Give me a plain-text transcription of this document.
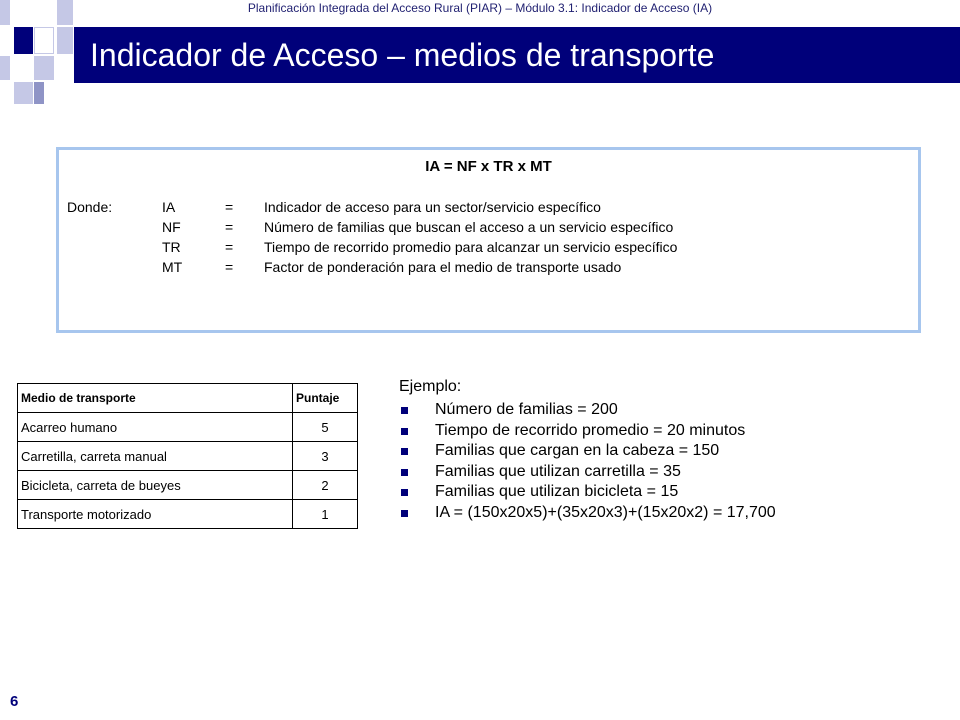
Planificación Integrada del Acceso Rural (PIAR) – Módulo 3.1: Indicador de Acceso (IA)
Indicador de Acceso – medios de transporte
IA = NF x TR x MT
Donde:	IA	= Indicador de acceso para un sector/servicio específico
NF	= Número de familias que buscan el acceso a un servicio específico
TR	= Tiempo de recorrido promedio para alcanzar un servicio específico
MT	= Factor de ponderación para el medio de transporte usado
Medio de transporte	Puntaje
Acarreo humano	5
Carretilla, carreta manual	3
Bicicleta, carreta de bueyes	2
Transporte motorizado	1
Ejemplo:
Número de familias = 200
Tiempo de recorrido promedio = 20 minutos
Familias que cargan en la cabeza = 150
Familias que utilizan carretilla = 35
Familias que utilizan bicicleta = 15
IA = (150x20x5)+(35x20x3)+(15x20x2) = 17,700
6
